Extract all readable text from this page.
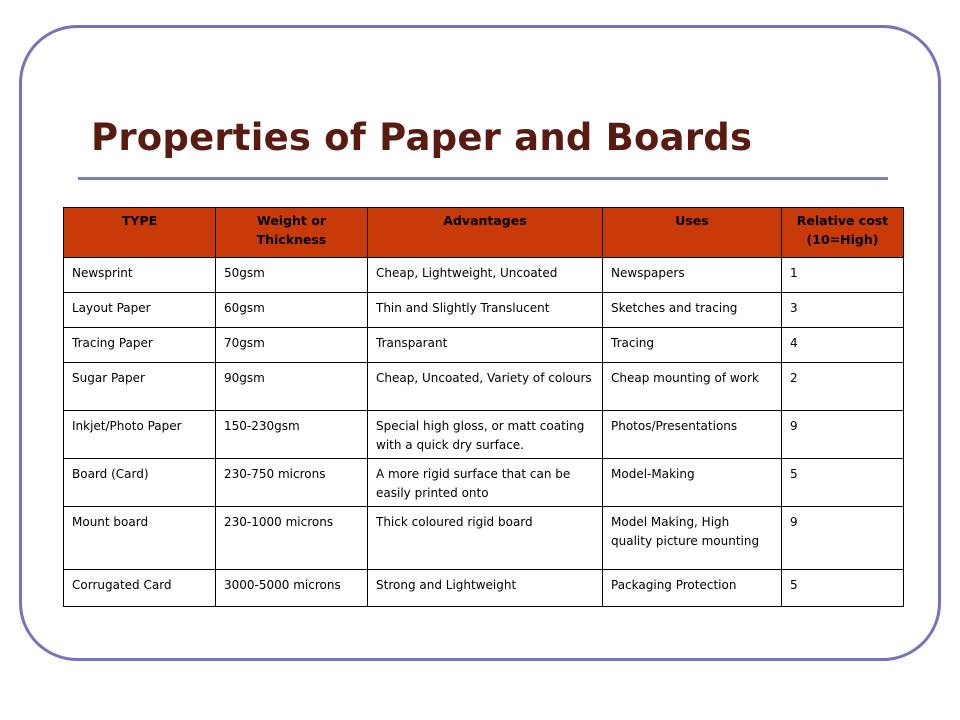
Properties of Paper and Boards
TYPE	Weight or Thickness	Advantages	Uses	Relative cost (10=High)
Newsprint	50gsm	Cheap, Lightweight, Uncoated	Newspapers	1
Layout Paper	60gsm	Thin and Slightly Translucent	Sketches and tracing	3
Tracing Paper	70gsm	Transparant	Tracing	4
Sugar Paper	90gsm	Cheap, Uncoated, Variety of colours	Cheap mounting of work	2
Inkjet/Photo Paper	150-230gsm	Special high gloss, or matt coating with a quick dry surface.	Photos/Presentations	9
Board (Card)	230-750 microns	A more rigid surface that can be easily printed onto	Model-Making	5
Mount board	230-1000 microns	Thick coloured rigid board	Model Making, High quality picture mounting	9
Corrugated Card	3000-5000 microns	Strong and Lightweight	Packaging Protection	5
